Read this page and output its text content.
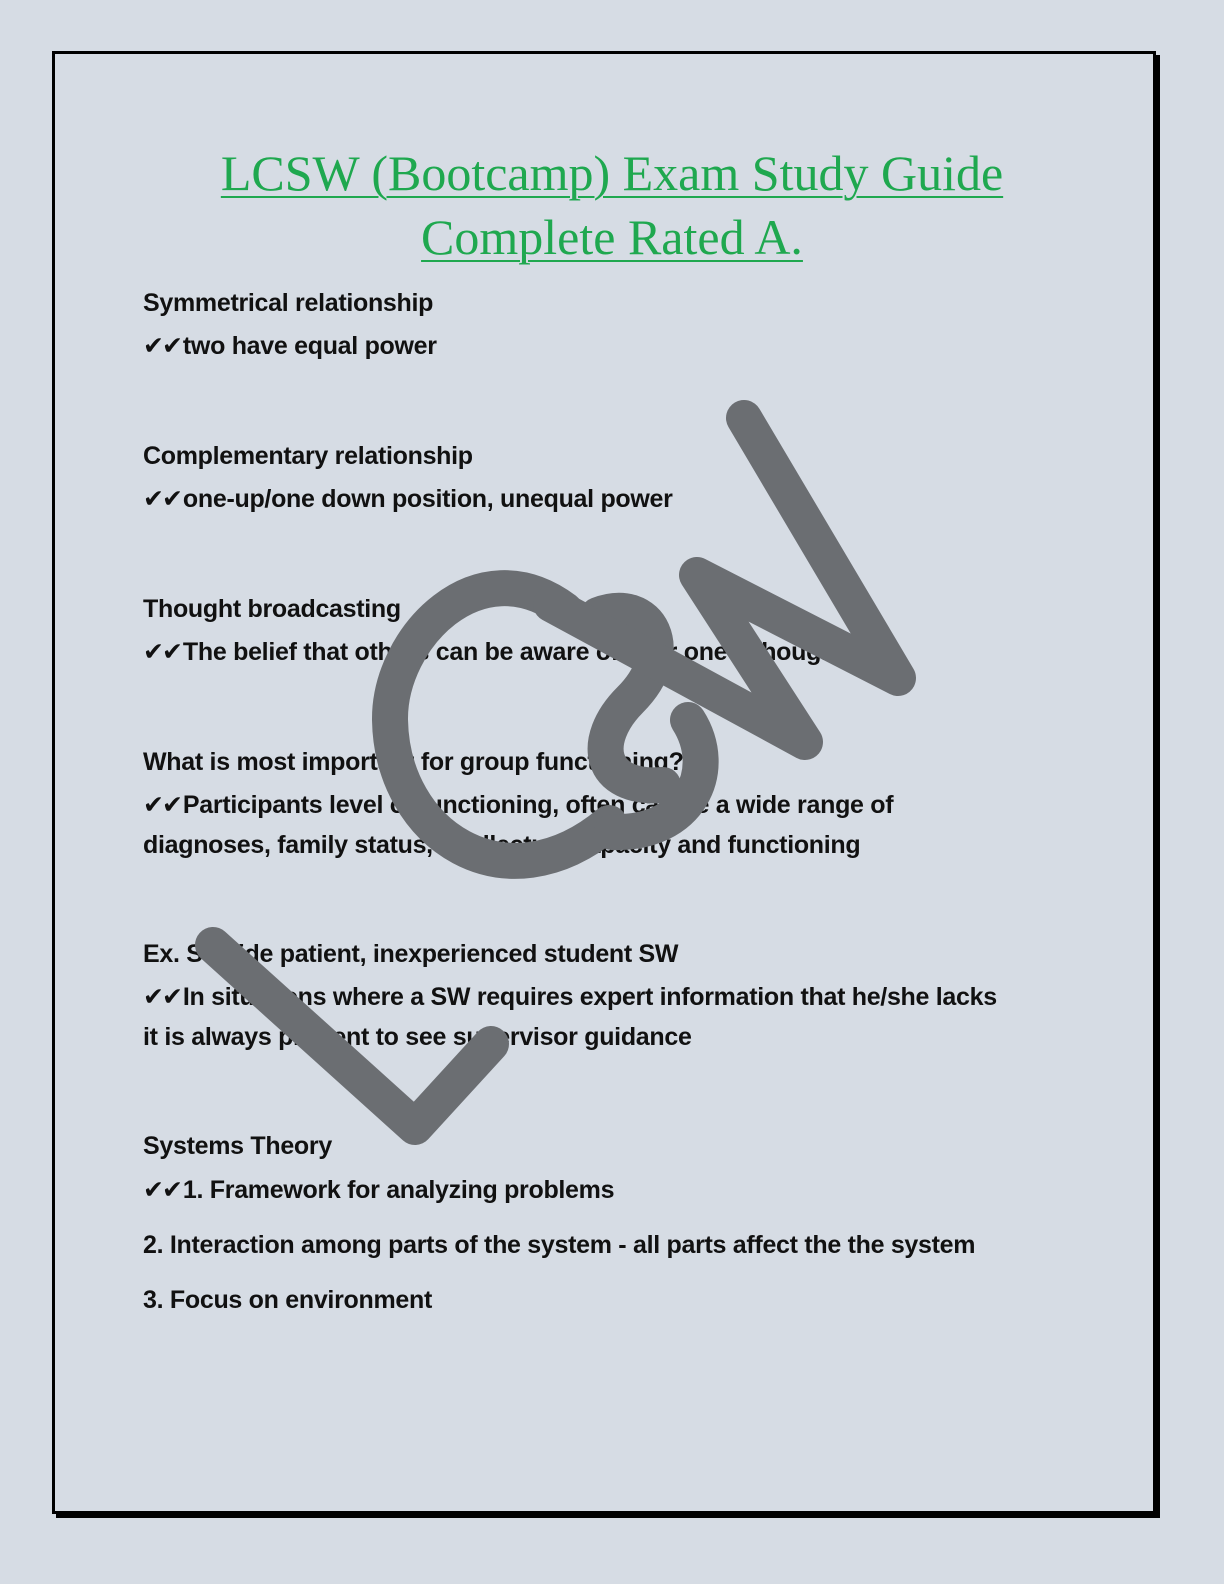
LCSW (Bootcamp) Exam Study Guide
Complete Rated A.

Symmetrical relationship

✔✔two have equal power

Complementary relationship

✔✔one-up/one down position, unequal power

Thought broadcasting

✔✔The belief that others can be aware of hear one's thoughts

What is most important for group functioning?

✔✔Participants level of functioning, often can be a wide range of

diagnoses, family status, intellectual capacity and functioning

Ex. Suicide patient, inexperienced student SW

✔✔In situations where a SW requires expert information that he/she lacks

it is always prudent to see supervisor guidance

Systems Theory

✔✔1. Framework for analyzing problems

2. Interaction among parts of the system - all parts affect the the system

3. Focus on environment
